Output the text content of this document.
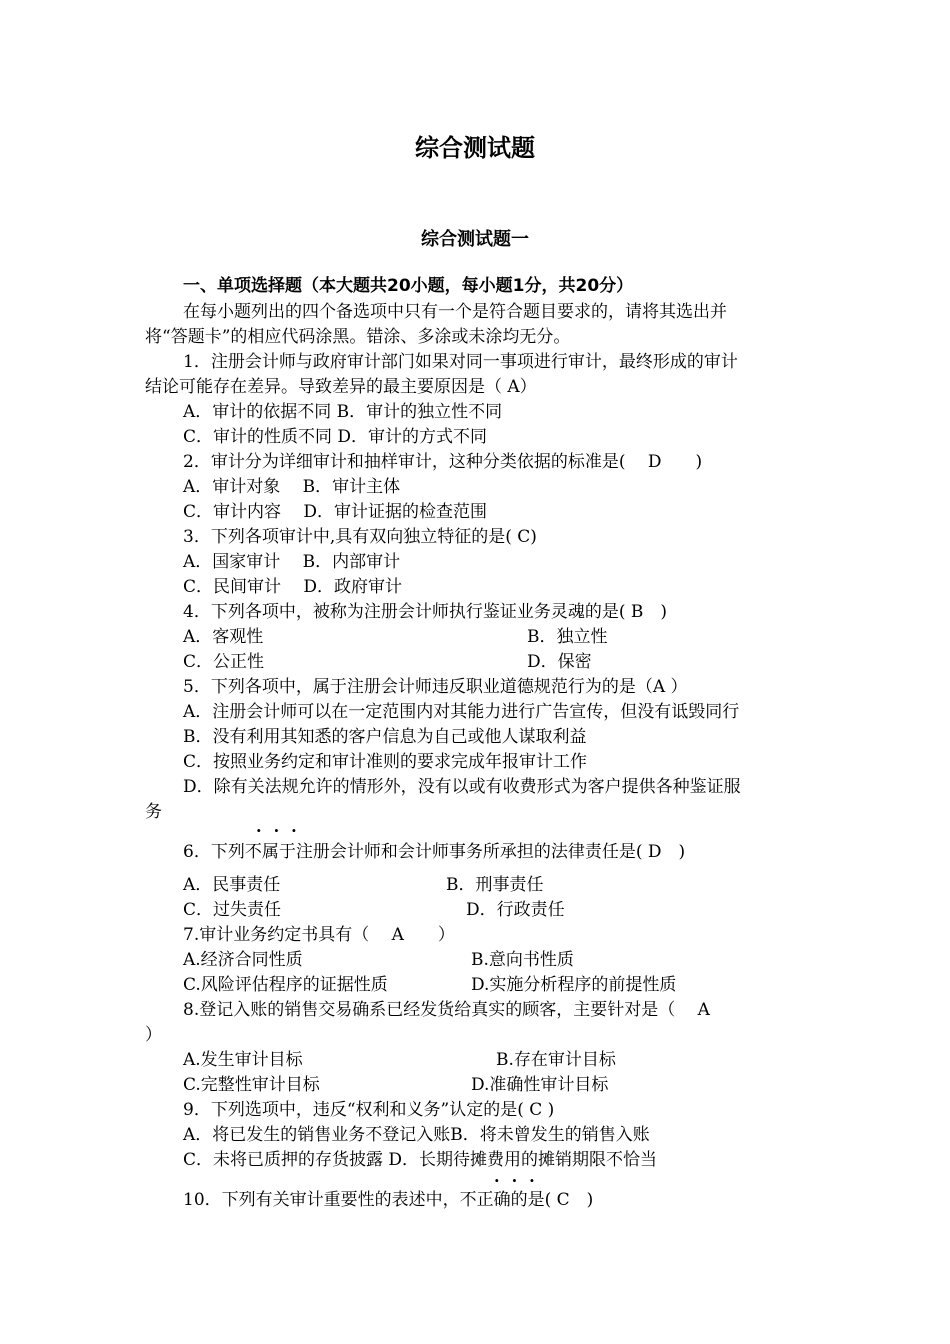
综合测试题
综合测试题一
一、单项选择题（本大题共20小题，每小题1分，共20分）
在每小题列出的四个备选项中只有一个是符合题目要求的，请将其选出并
将“答题卡”的相应代码涂黑。错涂、多涂或未涂均无分。
1．注册会计师与政府审计部门如果对同一事项进行审计，最终形成的审计
结论可能存在差异。导致差异的最主要原因是（ A）
A．审计的依据不同 B．审计的独立性不同
C．审计的性质不同 D．审计的方式不同
2．审计分为详细审计和抽样审计，这种分类依据的标准是(　 D　　)
A．审计对象　 B．审计主体
C．审计内容　 D．审计证据的检查范围
3．下列各项审计中,具有双向独立特征的是( C)
A．国家审计　 B．内部审计
C．民间审计　 D．政府审计
4．下列各项中，被称为注册会计师执行鉴证业务灵魂的是( B　)
A．客观性	B．独立性
C．公正性	D．保密
5．下列各项中，属于注册会计师违反职业道德规范行为的是（A ）
A．注册会计师可以在一定范围内对其能力进行广告宣传，但没有诋毁同行
B．没有利用其知悉的客户信息为自己或他人谋取利益
C．按照业务约定和审计准则的要求完成年报审计工作
D．除有关法规允许的情形外，没有以或有收费形式为客户提供各种鉴证服
务
...
6．下列不属于注册会计师和会计师事务所承担的法律责任是( D　)
A．民事责任	B．刑事责任
C．过失责任	D．行政责任
7.审计业务约定书具有（　 A　　）
A.经济合同性质	B.意向书性质
C.风险评估程序的证据性质	D.实施分析程序的前提性质
8.登记入账的销售交易确系已经发货给真实的顾客，主要针对是（　 A
）
A.发生审计目标	B.存在审计目标
C.完整性审计目标	D.准确性审计目标
9．下列选项中，违反“权利和义务”认定的是( C )
A．将已发生的销售业务不登记入账B．将未曾发生的销售入账
C．未将已质押的存货披露 D．长期待摊费用的摊销期限不恰当
...
10．下列有关审计重要性的表述中，不正确的是( C　)
